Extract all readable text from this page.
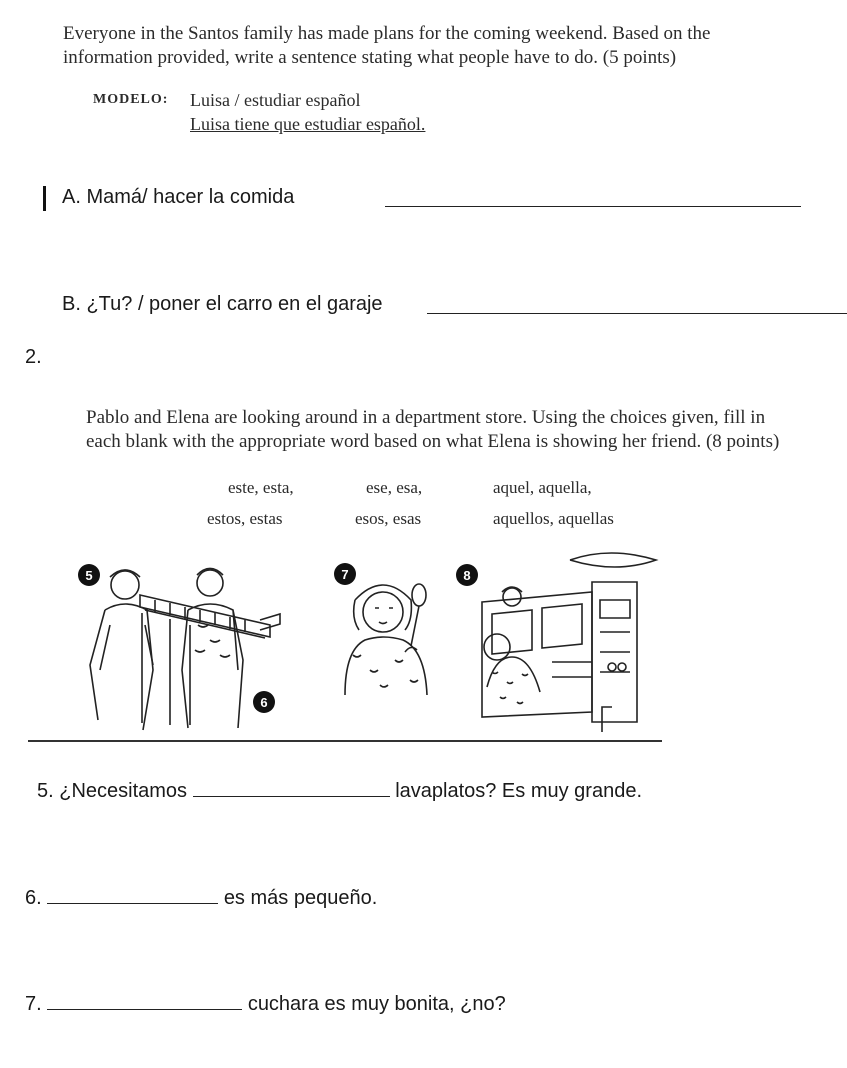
Everyone in the Santos family has made plans for the coming weekend. Based on the information provided, write a sentence stating what people have to do. (5 points)
MODELO: Luisa / estudiar español
Luisa tiene que estudiar español.
A. Mamá/ hacer la comida
B. ¿Tu? / poner el carro en el garaje
2.
Pablo and Elena are looking around in a department store. Using the choices given, fill in each blank with the appropriate word based on what Elena is showing her friend. (8 points)
este, esta,	ese, esa,	aquel, aquella,
estos, estas	esos, esas	aquellos, aquellas
5
6
7	8
5. ¿Necesitamos	lavaplatos? Es muy grande.
6.	es más pequeño.
7.	cuchara es muy bonita, ¿no?
